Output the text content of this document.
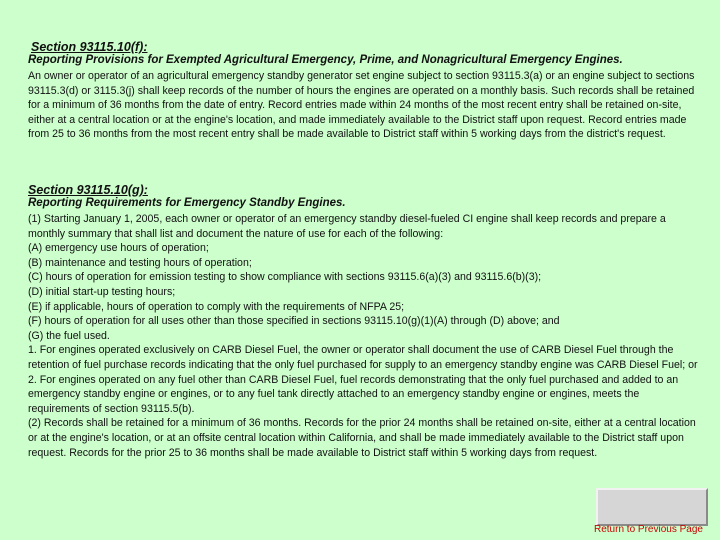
Section 93115.10(f):
Reporting Provisions for Exempted Agricultural Emergency, Prime, and Nonagricultural Emergency Engines.
An owner or operator of an agricultural emergency standby generator set engine subject to section 93115.3(a) or an engine subject to sections 93115.3(d) or 3115.3(j) shall keep records of the number of hours the engines are operated on a monthly basis. Such records shall be retained for a minimum of 36 months from the date of entry. Record entries made within 24 months of the most recent entry shall be retained on-site, either at a central location or at the engine's location, and made immediately available to the District staff upon request. Record entries made from 25 to 36 months from the most recent entry shall be made available to District staff within 5 working days from the district's request.
Section 93115.10(g):
Reporting Requirements for Emergency Standby Engines.
(1) Starting January 1, 2005, each owner or operator of an emergency standby diesel-fueled CI engine shall keep records and prepare a monthly summary that shall list and document the nature of use for each of the following:
(A) emergency use hours of operation;
(B) maintenance and testing hours of operation;
(C) hours of operation for emission testing to show compliance with sections 93115.6(a)(3) and 93115.6(b)(3);
(D) initial start-up testing hours;
(E) if applicable, hours of operation to comply with the requirements of NFPA 25;
(F) hours of operation for all uses other than those specified in sections 93115.10(g)(1)(A) through (D) above; and
(G) the fuel used.
1. For engines operated exclusively on CARB Diesel Fuel, the owner or operator shall document the use of CARB Diesel Fuel through the retention of fuel purchase records indicating that the only fuel purchased for supply to an emergency standby engine was CARB Diesel Fuel; or
2. For engines operated on any fuel other than CARB Diesel Fuel, fuel records demonstrating that the only fuel purchased and added to an emergency standby engine or engines, or to any fuel tank directly attached to an emergency standby engine or engines, meets the requirements of section 93115.5(b).
(2) Records shall be retained for a minimum of 36 months. Records for the prior 24 months shall be retained on-site, either at a central location or at the engine's location, or at an offsite central location within California, and shall be made immediately available to the District staff upon request. Records for the prior 25 to 36 months shall be made available to District staff within 5 working days from request.
Return to Previous Page
